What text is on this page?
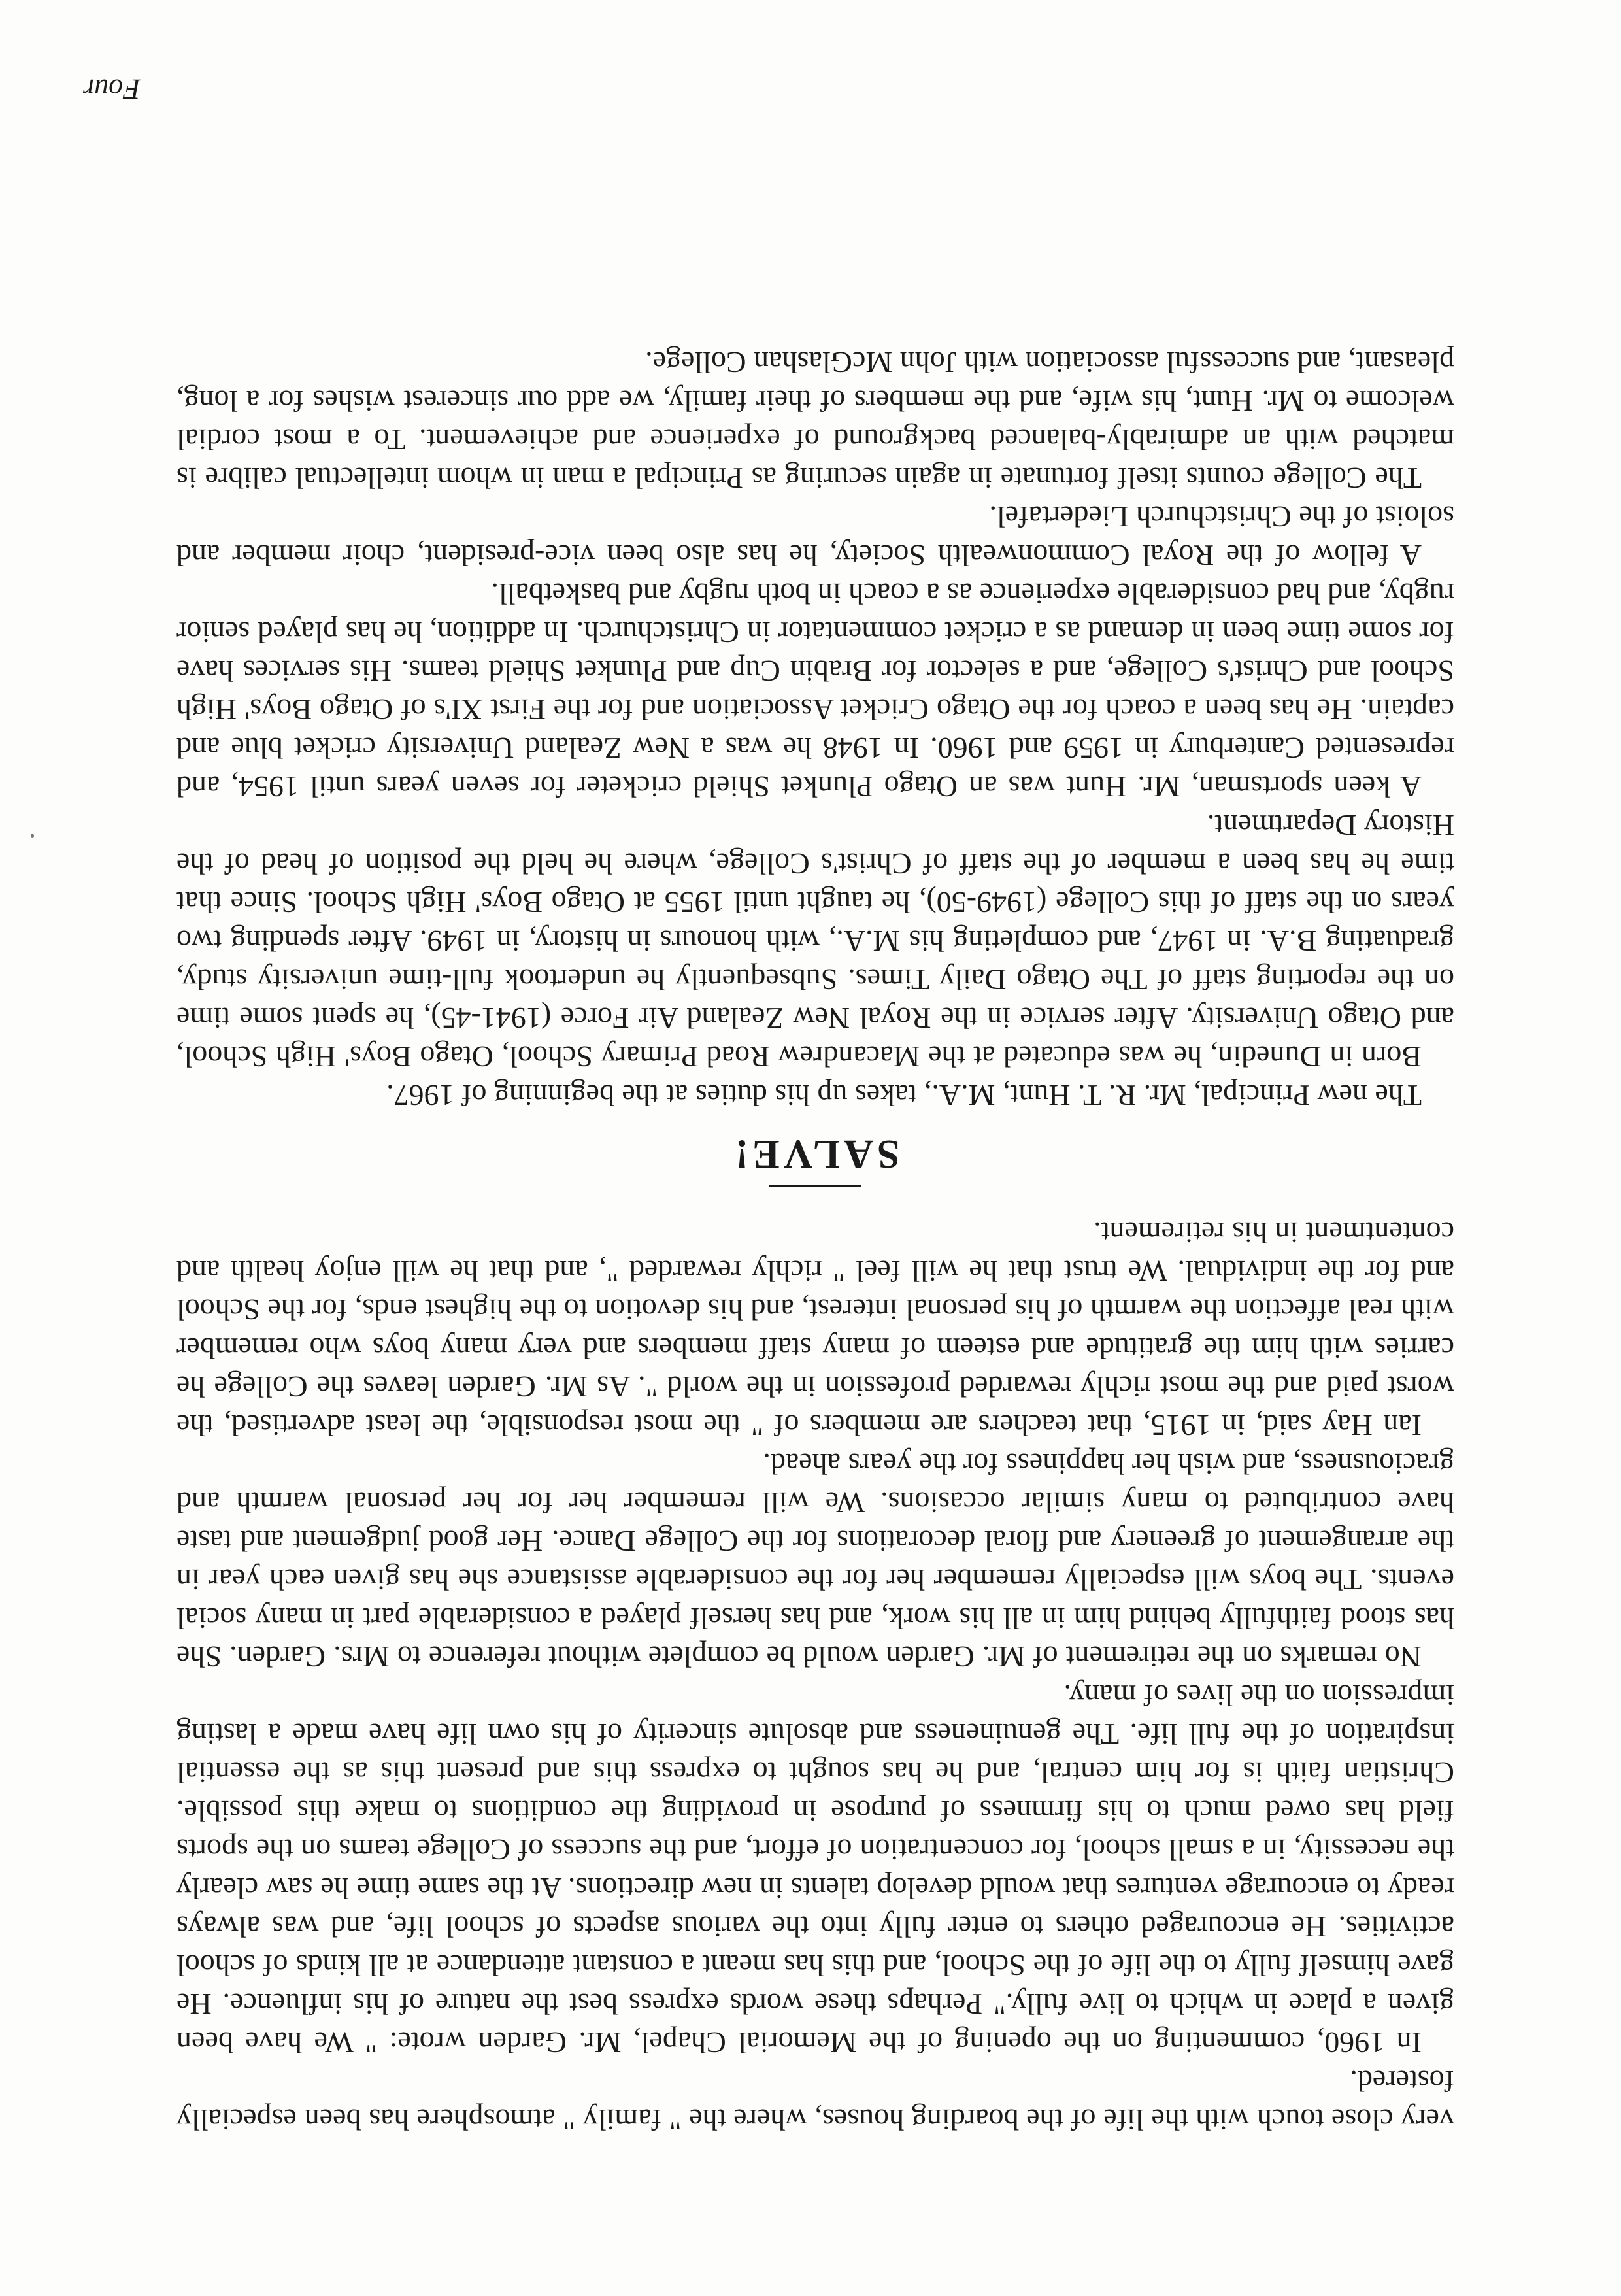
very close touch with the life of the boarding houses, where the " family " atmosphere has been especially fostered.

In 1960, commenting on the opening of the Memorial Chapel, Mr. Garden wrote: " We have been given a place in which to live fully." Perhaps these words express best the nature of his influence. He gave himself fully to the life of the School, and this has meant a constant attendance at all kinds of school activities. He encouraged others to enter fully into the various aspects of school life, and was always ready to encourage ventures that would develop talents in new directions. At the same time he saw clearly the necessity, in a small school, for concentration of effort, and the success of College teams on the sports field has owed much to his firmness of purpose in providing the conditions to make this possible. Christian faith is for him central, and he has sought to express this and present this as the essential inspiration of the full life. The genuineness and absolute sincerity of his own life have made a lasting impression on the lives of many.

No remarks on the retirement of Mr. Garden would be complete without reference to Mrs. Garden. She has stood faithfully behind him in all his work, and has herself played a considerable part in many social events. The boys will especially remember her for the considerable assistance she has given each year in the arrangement of greenery and floral decorations for the College Dance. Her good judgement and taste have contributed to many similar occasions. We will remember her for her personal warmth and graciousness, and wish her happiness for the years ahead.

Ian Hay said, in 1915, that teachers are members of " the most responsible, the least advertised, the worst paid and the most richly rewarded profession in the world ". As Mr. Garden leaves the College he carries with him the gratitude and esteem of many staff members and very many boys who remember with real affection the warmth of his personal interest, and his devotion to the highest ends, for the School and for the individual. We trust that he will feel " richly rewarded ", and that he will enjoy health and contentment in his retirement.

SALVE!

The new Principal, Mr. R. T. Hunt, M.A., takes up his duties at the beginning of 1967.

Born in Dunedin, he was educated at the Macandrew Road Primary School, Otago Boys' High School, and Otago University. After service in the Royal New Zealand Air Force (1941-45), he spent some time on the reporting staff of The Otago Daily Times. Subsequently he undertook full-time university study, graduating B.A. in 1947, and completing his M.A., with honours in history, in 1949. After spending two years on the staff of this College (1949-50), he taught until 1955 at Otago Boys' High School. Since that time he has been a member of the staff of Christ's College, where he held the position of head of the History Department.

A keen sportsman, Mr. Hunt was an Otago Plunket Shield cricketer for seven years until 1954, and represented Canterbury in 1959 and 1960. In 1948 he was a New Zealand University cricket blue and captain. He has been a coach for the Otago Cricket Association and for the First XI's of Otago Boys' High School and Christ's College, and a selector for Brabin Cup and Plunket Shield teams. His services have for some time been in demand as a cricket commentator in Christchurch. In addition, he has played senior rugby, and had considerable experience as a coach in both rugby and basketball.

A fellow of the Royal Commonwealth Society, he has also been vice-president, choir member and soloist of the Christchurch Liedertafel.

The College counts itself fortunate in again securing as Principal a man in whom intellectual calibre is matched with an admirably-balanced background of experience and achievement. To a most cordial welcome to Mr. Hunt, his wife, and the members of their family, we add our sincerest wishes for a long, pleasant, and successful association with John McGlashan College.

Four
